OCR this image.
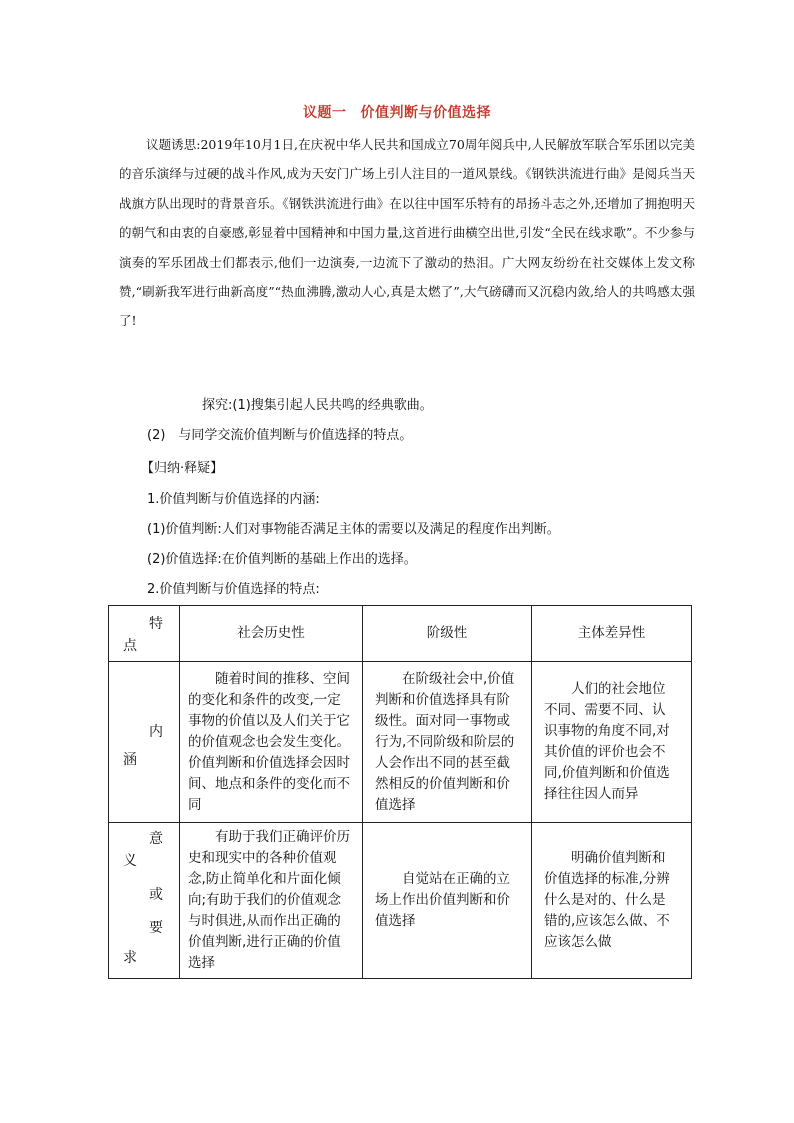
议题一 价值判断与价值选择

议题诱思:2019年10月1日,在庆祝中华人民共和国成立70周年阅兵中,人民解放军联合军乐团以完美的音乐演绎与过硬的战斗作风,成为天安门广场上引人注目的一道风景线。《钢铁洪流进行曲》是阅兵当天战旗方队出现时的背景音乐。《钢铁洪流进行曲》在以往中国军乐特有的昂扬斗志之外,还增加了拥抱明天的朝气和由衷的自豪感,彰显着中国精神和中国力量,这首进行曲横空出世,引发“全民在线求歌”。不少参与演奏的军乐团战士们都表示,他们一边演奏,一边流下了激动的热泪。广大网友纷纷在社交媒体上发文称赞,“刷新我军进行曲新高度”“热血沸腾,激动人心,真是太燃了”,大气磅礴而又沉稳内敛,给人的共鸣感太强了!

探究:(1)搜集引起人民共鸣的经典歌曲。
(2)　与同学交流价值判断与价值选择的特点。
【归纳·释疑】
1.价值判断与价值选择的内涵:
(1)价值判断:人们对事物能否满足主体的需要以及满足的程度作出判断。
(2)价值选择:在价值判断的基础上作出的选择。
2.价值判断与价值选择的特点:
特
点	社会历史性	阶级性	主体差异性

内
涵	随着时间的推移、空间的变化和条件的改变,一定事物的价值以及人们关于它的价值观念也会发生变化。价值判断和价值选择会因时间、地点和条件的变化而不同	在阶级社会中,价值判断和价值选择具有阶级性。面对同一事物或行为,不同阶级和阶层的人会作出不同的甚至截然相反的价值判断和价值选择	人们的社会地位不同、需要不同、认识事物的角度不同,对其价值的评价也会不同,价值判断和价值选择往往因人而异

意
义
或
要
求	有助于我们正确评价历史和现实中的各种价值观念,防止简单化和片面化倾向;有助于我们的价值观念与时俱进,从而作出正确的价值判断,进行正确的价值选择	自觉站在正确的立场上作出价值判断和价值选择	明确价值判断和价值选择的标准,分辨什么是对的、什么是错的,应该怎么做、不应该怎么做
